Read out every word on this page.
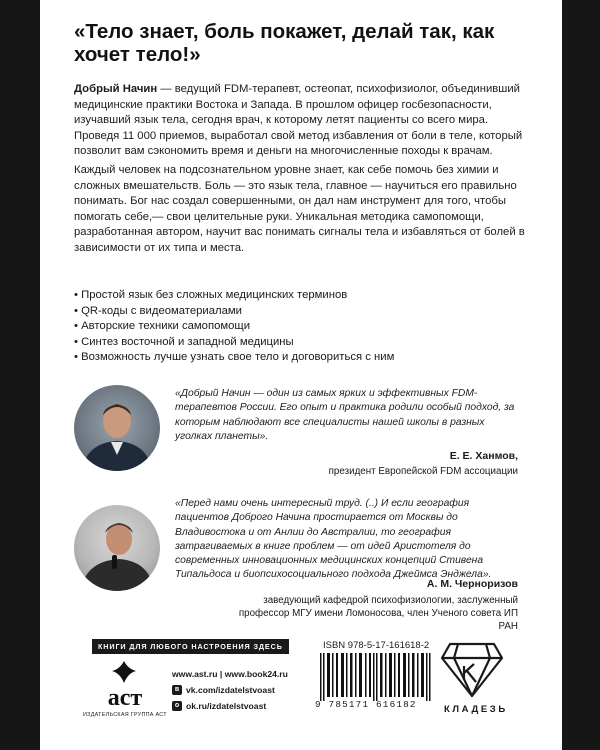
«Тело знает, боль покажет, делай так, как хочет тело!»

Добрый Начин — ведущий FDM-терапевт, остеопат, психофизиолог, объединивший медицинские практики Востока и Запада. В прошлом офицер госбезопасности, изучавший язык тела, сегодня врач, к которому летят пациенты со всего мира. Проведя 11 000 приемов, выработал свой метод избавления от боли в теле, который позволит вам сэкономить время и деньги на многочисленные походы к врачам.

Каждый человек на подсознательном уровне знает, как себе помочь без химии и сложных вмешательств. Боль — это язык тела, главное — научиться его правильно понимать. Бог нас создал совершенными, он дал нам инструмент для того, чтобы помогать себе,— свои целительные руки. Уникальная методика самопомощи, разработанная автором, научит вас понимать сигналы тела и избавляться от болей в зависимости от их типа и места.

• Простой язык без сложных медицинских терминов
• QR-коды с видеоматериалами
• Авторские техники самопомощи
• Синтез восточной и западной медицины
• Возможность лучше узнать свое тело и договориться с ним

«Добрый Начин — один из самых ярких и эффективных FDM-терапевтов России. Его опыт и практика родили особый подход, за которым наблюдают все специалисты нашей школы в разных уголках планеты».

Е. Е. Ханмов,
президент Европейской FDM ассоциации

«Перед нами очень интересный труд. (..) И если география пациентов Доброго Начина простирается от Москвы до Владивостока и от Анлии до Австралии, то география затрагиваемых в книге проблем — от идей Аристотеля до современных инновационных медицинских концепций Стивена Типальдоса и биопсихосоциального подхода Джеймса Энджела».

А. М. Черноризов
заведующий кафедрой психофизиологии, заслуженный профессор МГУ имени Ломоносова, член Ученого совета ИП РАН
КНИГИ ДЛЯ ЛЮБОГО НАСТРОЕНИЯ ЗДЕСЬ
аст
ИЗДАТЕЛЬСКАЯ ГРУППА АСТ
www.ast.ru | www.book24.ru
в vk.com/izdatelstvoast
о ok.ru/izdatelstvoast
ISBN 978-5-17-161618-2
9 785171 616182	КЛАДЕЗЬ
